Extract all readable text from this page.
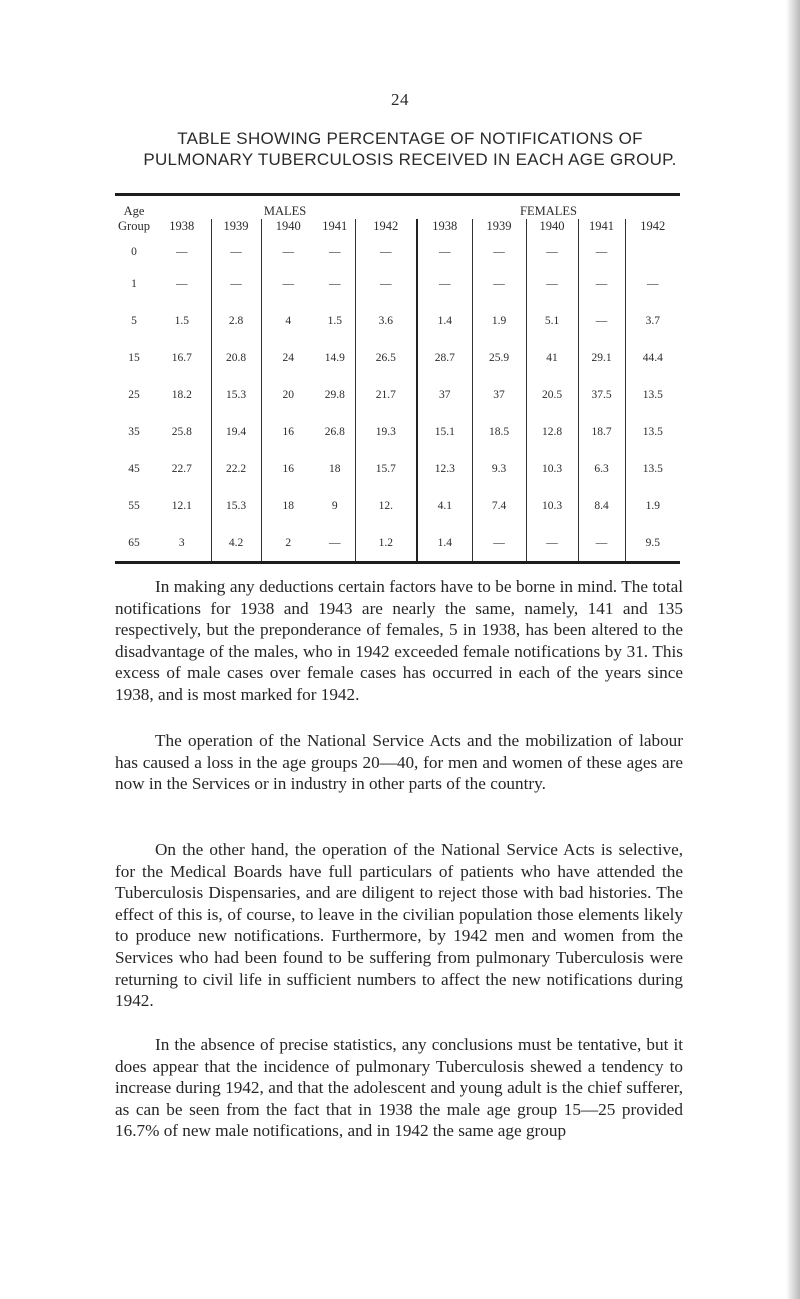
24
TABLE SHOWING PERCENTAGE OF NOTIFICATIONS OF
PULMONARY TUBERCULOSIS RECEIVED IN EACH AGE GROUP.
Age	MALES					FEMALES				
Group	1938	1939	1940	1941	1942	1938	1939	1940	1941	1942
0	—	—	—	—	—	—	—	—	—	
1	—	—	—	—	—	—	—	—	—	—
5	1.5	2.8	4	1.5	3.6	1.4	1.9	5.1	—	3.7
15	16.7	20.8	24	14.9	26.5	28.7	25.9	41	29.1	44.4
25	18.2	15.3	20	29.8	21.7	37	37	20.5	37.5	13.5
35	25.8	19.4	16	26.8	19.3	15.1	18.5	12.8	18.7	13.5
45	22.7	22.2	16	18	15.7	12.3	9.3	10.3	6.3	13.5
55	12.1	15.3	18	9	12.	4.1	7.4	10.3	8.4	1.9
65	3	4.2	2	—	1.2	1.4	—	—	—	9.5

In making any deductions certain factors have to be borne in mind. The total notifications for 1938 and 1943 are nearly the same, namely, 141 and 135 respectively, but the preponderance of females, 5 in 1938, has been altered to the disadvantage of the males, who in 1942 exceeded female notifications by 31. This excess of male cases over female cases has occurred in each of the years since 1938, and is most marked for 1942.

The operation of the National Service Acts and the mobilization of labour has caused a loss in the age groups 20—40, for men and women of these ages are now in the Services or in industry in other parts of the country.

On the other hand, the operation of the National Service Acts is selective, for the Medical Boards have full particulars of patients who have attended the Tuberculosis Dispensaries, and are diligent to reject those with bad histories. The effect of this is, of course, to leave in the civilian population those elements likely to produce new notifications. Furthermore, by 1942 men and women from the Services who had been found to be suffering from pulmonary Tuberculosis were returning to civil life in sufficient numbers to affect the new notifications during 1942.

In the absence of precise statistics, any conclusions must be tentative, but it does appear that the incidence of pulmonary Tuberculosis shewed a tendency to increase during 1942, and that the adolescent and young adult is the chief sufferer, as can be seen from the fact that in 1938 the male age group 15—25 provided 16.7% of new male notifications, and in 1942 the same age group
